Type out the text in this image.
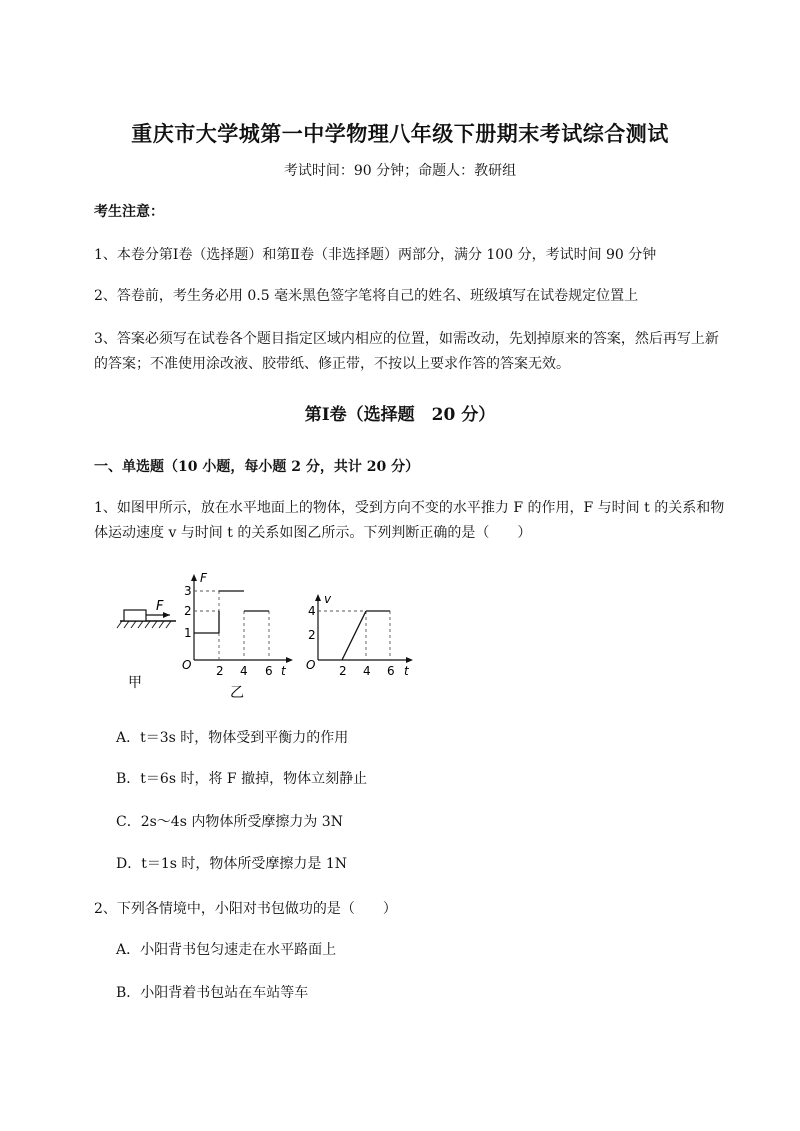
重庆市大学城第一中学物理八年级下册期末考试综合测试
考试时间：90 分钟；命题人：教研组
考生注意：
1、本卷分第Ⅰ卷（选择题）和第Ⅱ卷（非选择题）两部分，满分 100 分，考试时间 90 分钟
2、答卷前，考生务必用 0.5 毫米黑色签字笔将自己的姓名、班级填写在试卷规定位置上
3、答案必须写在试卷各个题目指定区域内相应的位置，如需改动，先划掉原来的答案，然后再写上新
的答案；不准使用涂改液、胶带纸、修正带，不按以上要求作答的答案无效。
第Ⅰ卷（选择题　20 分）
一、单选题（10 小题，每小题 2 分，共计 20 分）
1、如图甲所示，放在水平地面上的物体，受到方向不变的水平推力 F 的作用，F 与时间 t 的关系和物
体运动速度 v 与时间 t 的关系如图乙所示。下列判断正确的是（　　）
F
甲
F
t
O
1
2
3
2 4 6
乙
v
t
O
2
4
2 4 6
A．t＝3s 时，物体受到平衡力的作用
B．t＝6s 时，将 F 撤掉，物体立刻静止
C．2s～4s 内物体所受摩擦力为 3N
D．t＝1s 时，物体所受摩擦力是 1N
2、下列各情境中，小阳对书包做功的是（　　）
A．小阳背书包匀速走在水平路面上
B．小阳背着书包站在车站等车
